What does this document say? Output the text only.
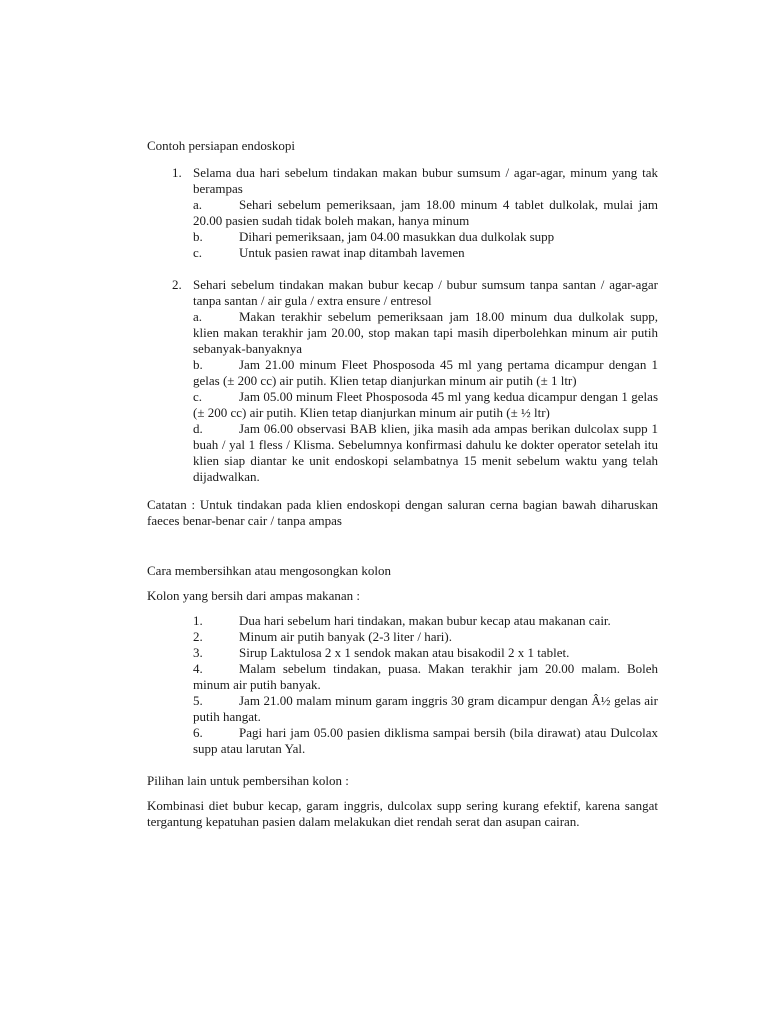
Contoh persiapan endoskopi

1. Selama dua hari sebelum tindakan makan bubur sumsum / agar-agar, minum yang tak berampas
a.	Sehari sebelum pemeriksaan, jam 18.00 minum 4 tablet dulkolak, mulai jam 20.00 pasien sudah tidak boleh makan, hanya minum
b.	Dihari pemeriksaan, jam 04.00 masukkan dua dulkolak supp
c.	Untuk pasien rawat inap ditambah lavemen
2. Sehari sebelum tindakan makan bubur kecap / bubur sumsum tanpa santan / agar-agar tanpa santan / air gula / extra ensure / entresol
a.	Makan terakhir sebelum pemeriksaan jam 18.00 minum dua dulkolak supp, klien makan terakhir jam 20.00, stop makan tapi masih diperbolehkan minum air putih sebanyak-banyaknya
b.	Jam 21.00 minum Fleet Phosposoda 45 ml yang pertama dicampur dengan 1 gelas (± 200 cc) air putih. Klien tetap dianjurkan minum air putih (± 1 ltr)
c.	Jam 05.00 minum Fleet Phosposoda 45 ml yang kedua dicampur dengan 1 gelas (± 200 cc) air putih. Klien tetap dianjurkan minum air putih (± ½ ltr)
d.	Jam 06.00 observasi BAB klien, jika masih ada ampas berikan dulcolax supp 1 buah / yal 1 fless / Klisma. Sebelumnya konfirmasi dahulu ke dokter operator setelah itu klien siap diantar ke unit endoskopi selambatnya 15 menit sebelum waktu yang telah dijadwalkan.

Catatan : Untuk tindakan pada klien endoskopi dengan saluran cerna bagian bawah diharuskan faeces benar-benar cair / tanpa ampas

Cara membersihkan atau mengosongkan kolon

Kolon yang bersih dari ampas makanan :

1.	Dua hari sebelum hari tindakan, makan bubur kecap atau makanan cair.
2.	Minum air putih banyak (2-3 liter / hari).
3.	Sirup Laktulosa 2 x 1 sendok makan atau bisakodil 2 x 1 tablet.
4.	Malam sebelum tindakan, puasa. Makan terakhir jam 20.00 malam. Boleh minum air putih banyak.
5.	Jam 21.00 malam minum garam inggris 30 gram dicampur dengan Â½ gelas air putih hangat.
6.	Pagi hari jam 05.00 pasien diklisma sampai bersih (bila dirawat) atau Dulcolax supp atau larutan Yal.

Pilihan lain untuk pembersihan kolon :

Kombinasi diet bubur kecap, garam inggris, dulcolax supp sering kurang efektif, karena sangat tergantung kepatuhan pasien dalam melakukan diet rendah serat dan asupan cairan.
